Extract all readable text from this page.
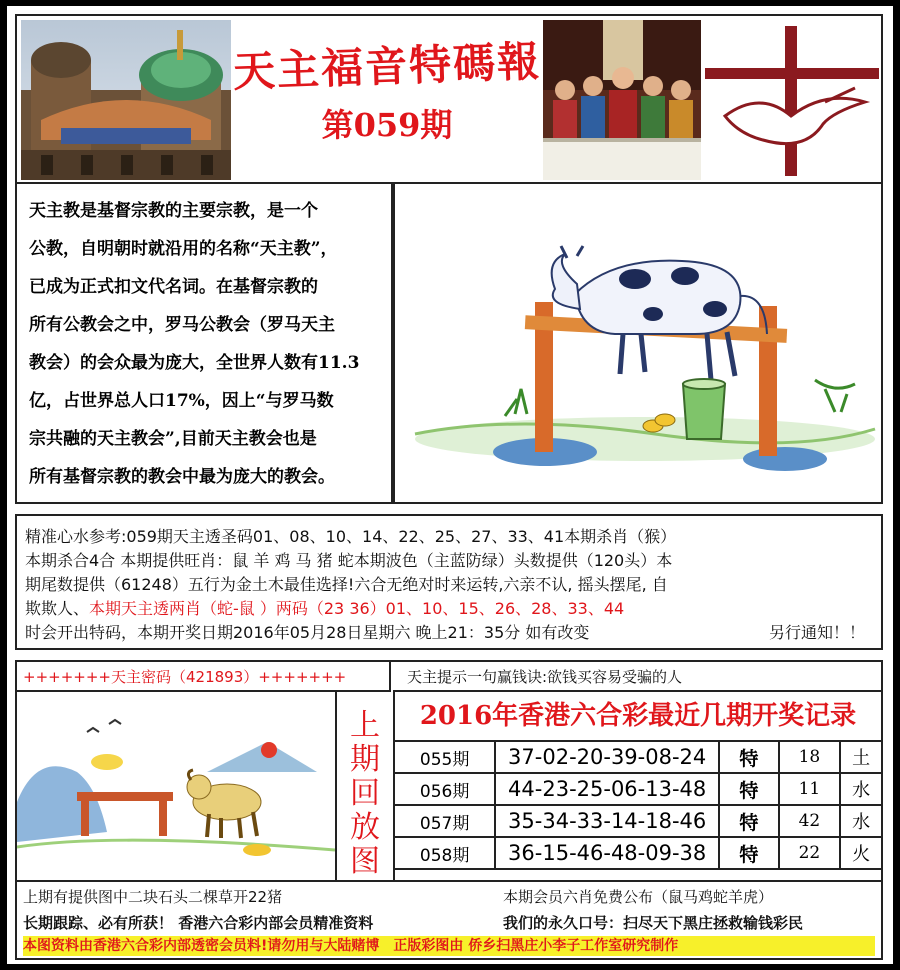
天主福音特碼報
第059期
天主教是基督宗教的主要宗教，是一个
公教，自明朝时就沿用的名称“天主教”，
已成为正式扣文代名词。在基督宗教的
所有公教会之中，罗马公教会（罗马天主
教会）的会众最为庞大，全世界人数有11.3
亿，占世界总人口17%，因上“与罗马数
宗共融的天主教会”,目前天主教会也是
所有基督宗教的教会中最为庞大的教会。
精准心水参考:059期天主透圣码01、08、10、14、22、25、27、33、41本期杀肖（猴）
本期杀合4合 本期提供旺肖：鼠 羊 鸡 马 猪 蛇本期波色（主蓝防绿）头数提供（120头）本
期尾数提供（61248）五行为金土木最佳选择!六合无绝对时来运转,六亲不认, 摇头摆尾, 自
欺欺人、本期天主透两肖（蛇-鼠 ）两码（23 36）01、10、15、26、28、33、44
时会开出特码，本期开奖日期2016年05月28日星期六 晚上21：35分 如有改变	另行通知！！
+++++++天主密码（421893）+++++++	天主提示一句赢钱诀:欲钱买容易受骗的人
上
期
回
放
图
2016年香港六合彩最近几期开奖记录
055期	37-02-20-39-08-24	特	18	土
056期	44-23-25-06-13-48	特	11	水
057期	35-34-33-14-18-46	特	42	水
058期	36-15-46-48-09-38	特	22	火
上期有提供图中二块石头二棵草开22猪	本期会员六肖免费公布（鼠马鸡蛇羊虎）
长期跟踪、必有所获！ 香港六合彩内部会员精准资料	我们的永久口号：扫尽天下黑庄拯救输钱彩民
本图资料由香港六合彩内部透密会员料!请勿用与大陆赌博　正版彩图由 侨乡扫黑庄小李子工作室研究制作
